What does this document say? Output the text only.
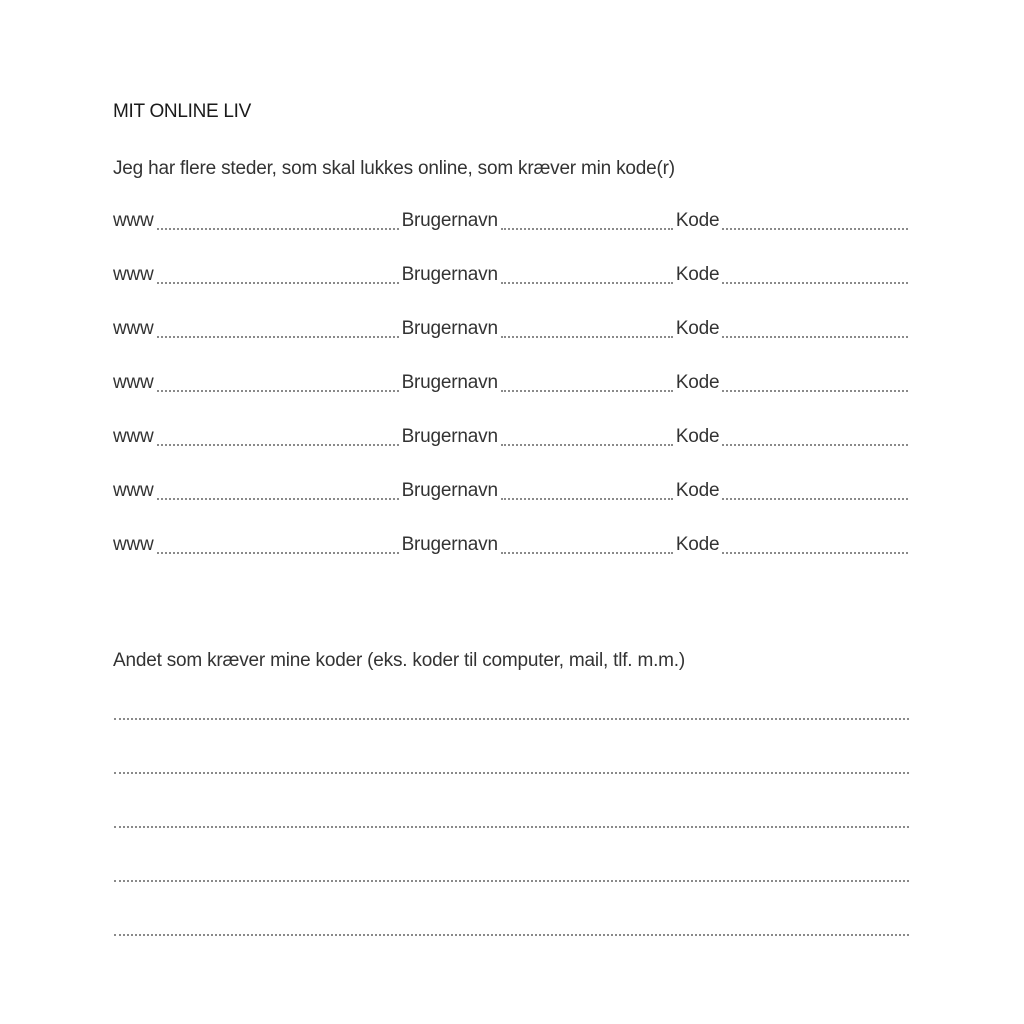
MIT ONLINE LIV
Jeg har flere steder, som skal lukkes online, som kræver min kode(r)
www	Brugernavn	Kode
www	Brugernavn	Kode
www	Brugernavn	Kode
www	Brugernavn	Kode
www	Brugernavn	Kode
www	Brugernavn	Kode
www	Brugernavn	Kode
Andet som kræver mine koder (eks. koder til computer, mail, tlf. m.m.)
